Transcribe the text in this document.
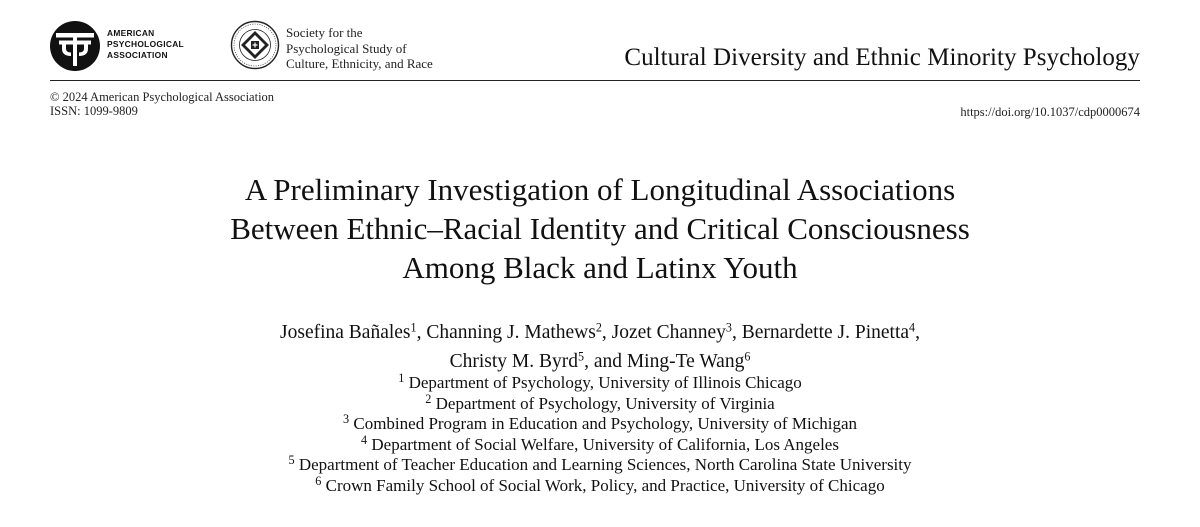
AMERICAN
PSYCHOLOGICAL
ASSOCIATION
Society for the
Psychological Study of
Culture, Ethnicity, and Race	Cultural Diversity and Ethnic Minority Psychology
© 2024 American Psychological Association
ISSN: 1099-9809	https://doi.org/10.1037/cdp0000674
A Preliminary Investigation of Longitudinal Associations
Between Ethnic–Racial Identity and Critical Consciousness
Among Black and Latinx Youth
Josefina Bañales$^1$, Channing J. Mathews$^2$, Jozet Channey$^3$, Bernardette J. Pinetta$^4$,
Christy M. Byrd$^5$, and Ming-Te Wang$^6$
$^1$ Department of Psychology, University of Illinois Chicago
$^2$ Department of Psychology, University of Virginia
$^3$ Combined Program in Education and Psychology, University of Michigan
$^4$ Department of Social Welfare, University of California, Los Angeles
$^5$ Department of Teacher Education and Learning Sciences, North Carolina State University
$^6$ Crown Family School of Social Work, Policy, and Practice, University of Chicago
